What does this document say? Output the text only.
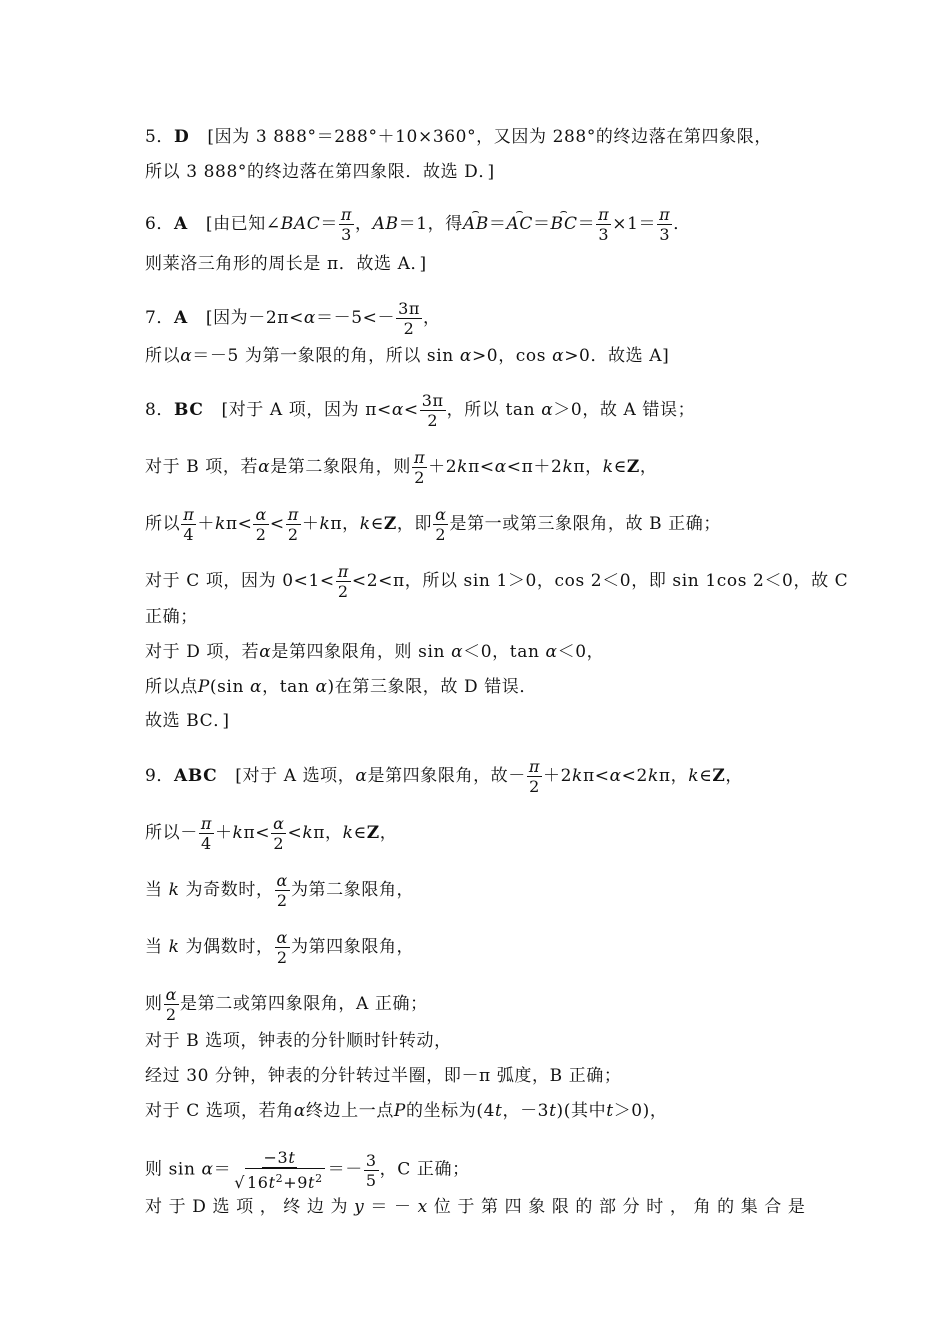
5．D [因为 3 888°＝288°＋10×360°，又因为 288°的终边落在第四象限，
所以 3 888°的终边落在第四象限．故选 D．]
6．A [由已知∠BAC＝ $\frac{\pi}{3}$ ，AB＝1，得⌢ AB＝⌢ AC＝⌢ $BC= \frac{\pi}{3} \times 1= \frac{\pi}{3}$ ．
则莱洛三角形的周长是 π．故选 A．]
7．A [因为$-2\pi<\alpha=-5<- \frac{3\pi}{2}$ ，
所以α＝－5 为第一象限的角，所以 sin α>0，cos α>0．故选 A]
8．BC [对于 A 项，因为 $\pi<\alpha< \frac{3\pi}{2}$ ，所以 tan α＞0，故 A 错误；
对于 B 项，若α是第二象限角，则 $\frac{\pi}{2} +2k\pi<\alpha<\pi+2k\pi$，k∈Z，
所以 $\frac{\pi}{4} +k\pi< \frac{\alpha}{2} < \frac{\pi}{2} +k\pi$，k∈Z，即 $\frac{\alpha}{2}$ 是第一或第三象限角，故 B 正确；
对于 C 项，因为 $0<1< \frac{\pi}{2} <2<\pi$，所以 sin 1＞0，cos 2＜0，即 sin 1cos 2＜0，故 C
正确；
对于 D 项，若α是第四象限角，则 sin α＜0，tan α＜0，
所以点P(sin α，tan α)在第三象限，故 D 错误．
故选 BC．]
9．ABC [对于 A 选项，α是第四象限角，故－ $\frac{\pi}{2} +2k\pi<\alpha<2k\pi$，k∈Z，
所以－ $\frac{\pi}{4} +k\pi< \frac{\alpha}{2} <k\pi$，k∈Z，
当 k 为奇数时， $\frac{\alpha}{2}$ 为第二象限角，
当 k 为偶数时， $\frac{\alpha}{2}$ 为第四象限角，
则 $\frac{\alpha}{2}$ 是第二或第四象限角，A 正确；
对于 B 选项，钟表的分针顺时针转动，
经过 30 分钟，钟表的分针转过半圈，即－π 弧度，B 正确；
对于 C 选项，若角α终边上一点P的坐标为(4t，－3t)(其中t＞0)，
则 $\sin \alpha= \frac{-3t}{√ 16t^2+9t^2} =- \frac{3}{5}$ ，C 正确；
对 于 D 选 项 ， 终 边 为 y ＝ － x 位 于 第 四 象 限 的 部 分 时 ， 角 的 集 合 是
